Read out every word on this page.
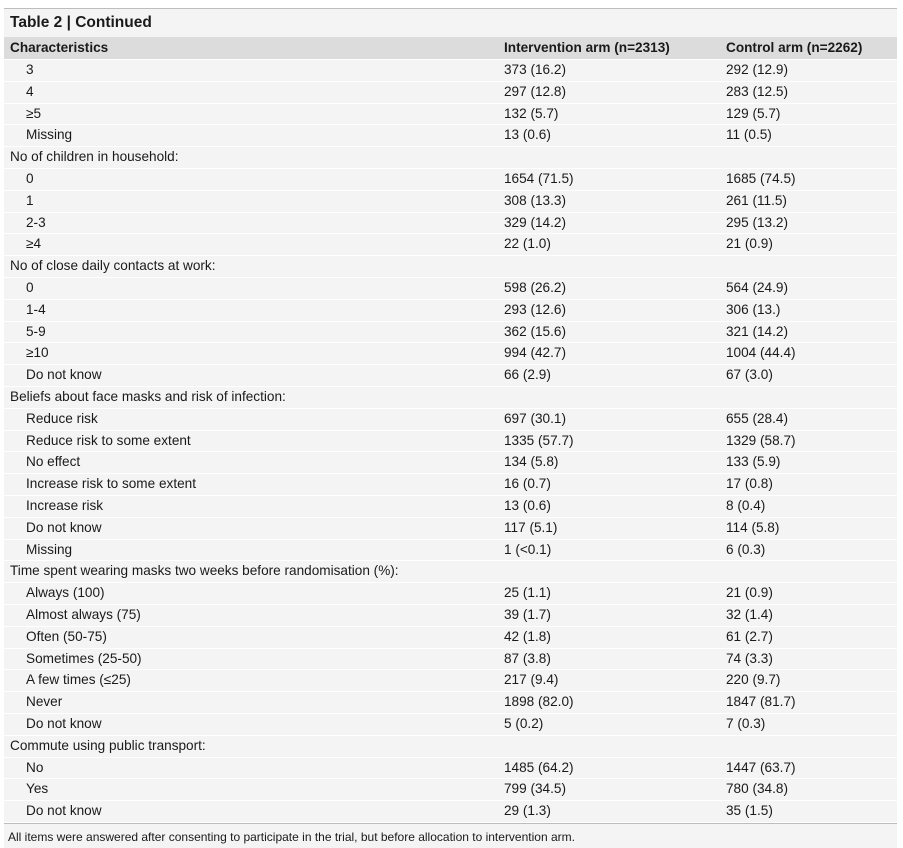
Table 2 | Continued
Characteristics	Intervention arm (n=2313)	Control arm (n=2262)
3	373 (16.2)	292 (12.9)
4	297 (12.8)	283 (12.5)
≥5	132 (5.7)	129 (5.7)
Missing	13 (0.6)	11 (0.5)
No of children in household:
0	1654 (71.5)	1685 (74.5)
1	308 (13.3)	261 (11.5)
2-3	329 (14.2)	295 (13.2)
≥4	22 (1.0)	21 (0.9)
No of close daily contacts at work:
0	598 (26.2)	564 (24.9)
1-4	293 (12.6)	306 (13.)
5-9	362 (15.6)	321 (14.2)
≥10	994 (42.7)	1004 (44.4)
Do not know	66 (2.9)	67 (3.0)
Beliefs about face masks and risk of infection:
Reduce risk	697 (30.1)	655 (28.4)
Reduce risk to some extent	1335 (57.7)	1329 (58.7)
No effect	134 (5.8)	133 (5.9)
Increase risk to some extent	16 (0.7)	17 (0.8)
Increase risk	13 (0.6)	8 (0.4)
Do not know	117 (5.1)	114 (5.8)
Missing	1 (<0.1)	6 (0.3)
Time spent wearing masks two weeks before randomisation (%):
Always (100)	25 (1.1)	21 (0.9)
Almost always (75)	39 (1.7)	32 (1.4)
Often (50-75)	42 (1.8)	61 (2.7)
Sometimes (25-50)	87 (3.8)	74 (3.3)
A few times (≤25)	217 (9.4)	220 (9.7)
Never	1898 (82.0)	1847 (81.7)
Do not know	5 (0.2)	7 (0.3)
Commute using public transport:
No	1485 (64.2)	1447 (63.7)
Yes	799 (34.5)	780 (34.8)
Do not know	29 (1.3)	35 (1.5)
All items were answered after consenting to participate in the trial, but before allocation to intervention arm.
